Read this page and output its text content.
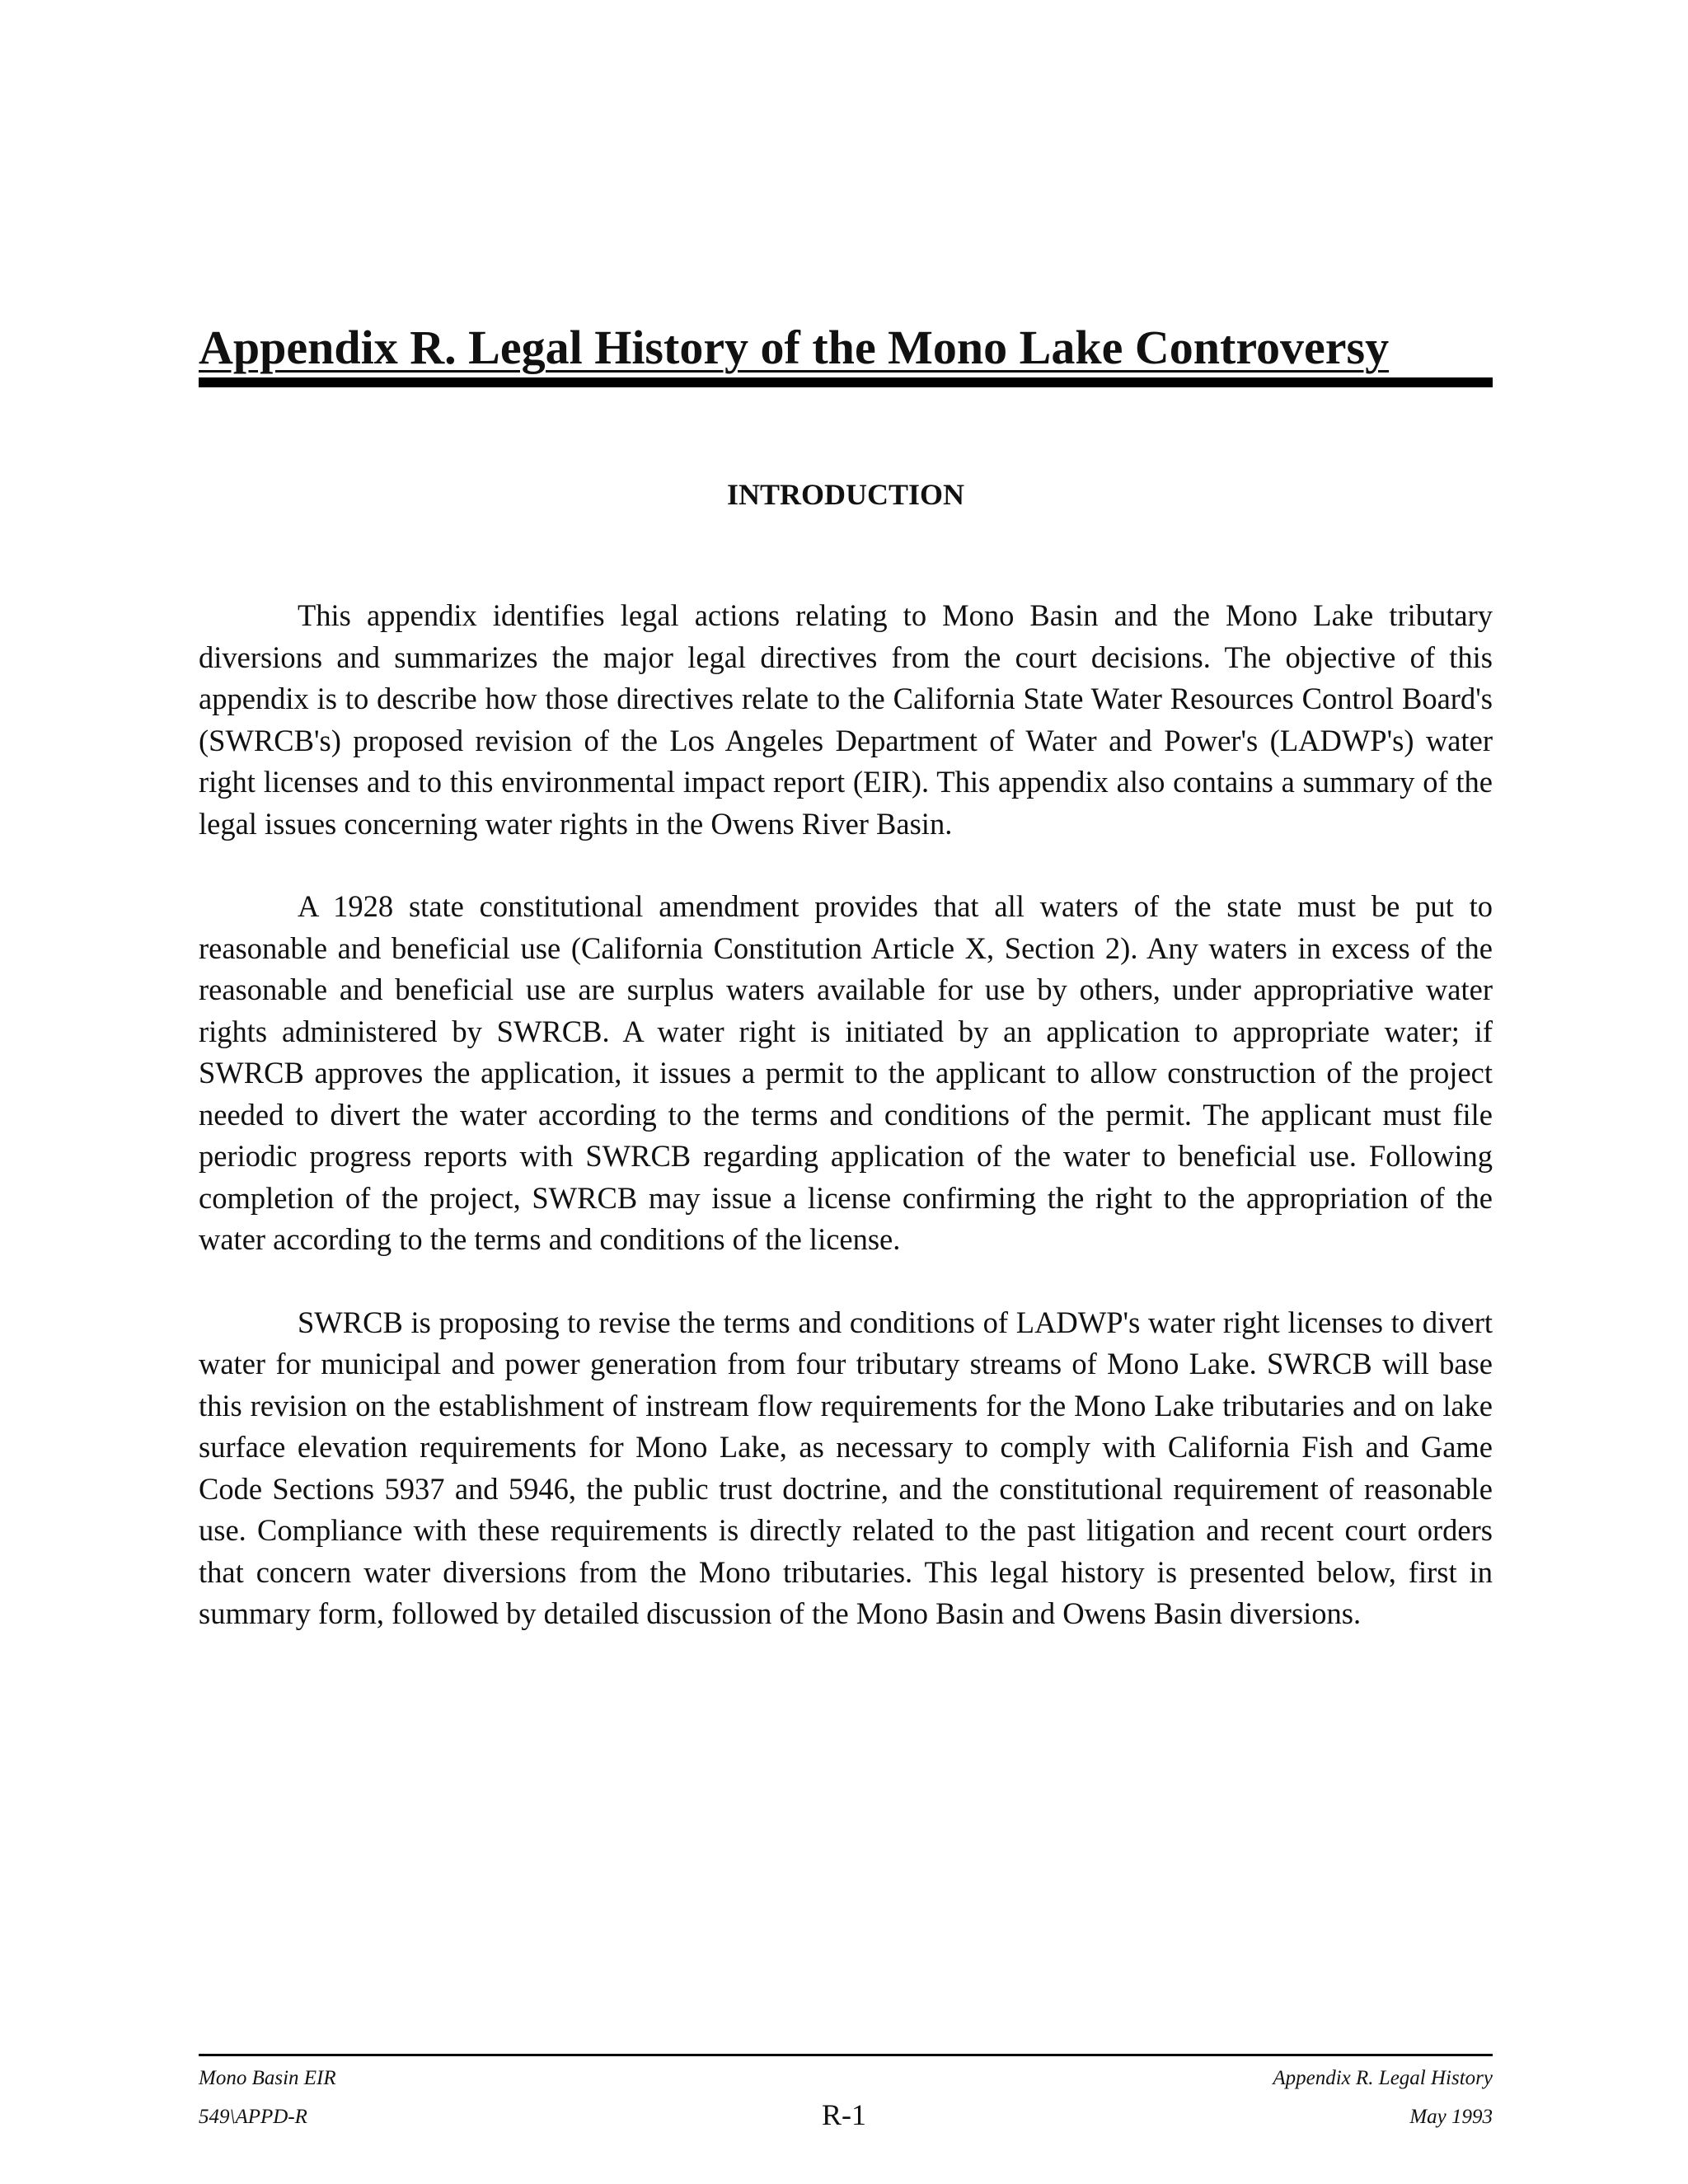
Appendix R. Legal History of the Mono Lake Controversy
INTRODUCTION

This appendix identifies legal actions relating to Mono Basin and the Mono Lake tributary diversions and summarizes the major legal directives from the court decisions. The objective of this appendix is to describe how those directives relate to the California State Water Resources Control Board's (SWRCB's) proposed revision of the Los Angeles Department of Water and Power's (LADWP's) water right licenses and to this environmental impact report (EIR). This appendix also contains a summary of the legal issues concerning water rights in the Owens River Basin.

A 1928 state constitutional amendment provides that all waters of the state must be put to reasonable and beneficial use (California Constitution Article X, Section 2). Any waters in excess of the reasonable and beneficial use are surplus waters available for use by others, under appropriative water rights administered by SWRCB. A water right is initiated by an application to appropriate water; if SWRCB approves the application, it issues a permit to the applicant to allow construction of the project needed to divert the water according to the terms and conditions of the permit. The applicant must file periodic progress reports with SWRCB regarding application of the water to beneficial use. Following completion of the project, SWRCB may issue a license confirming the right to the appropriation of the water according to the terms and conditions of the license.

SWRCB is proposing to revise the terms and conditions of LADWP's water right licenses to divert water for municipal and power generation from four tributary streams of Mono Lake. SWRCB will base this revision on the establishment of instream flow requirements for the Mono Lake tributaries and on lake surface elevation requirements for Mono Lake, as necessary to comply with California Fish and Game Code Sections 5937 and 5946, the public trust doctrine, and the constitutional requirement of reasonable use. Compliance with these requirements is directly related to the past litigation and recent court orders that concern water diversions from the Mono tributaries. This legal history is presented below, first in summary form, followed by detailed discussion of the Mono Basin and Owens Basin diversions.

Mono Basin EIR
549\APPD-R	R-1
Appendix R. Legal History
May 1993
